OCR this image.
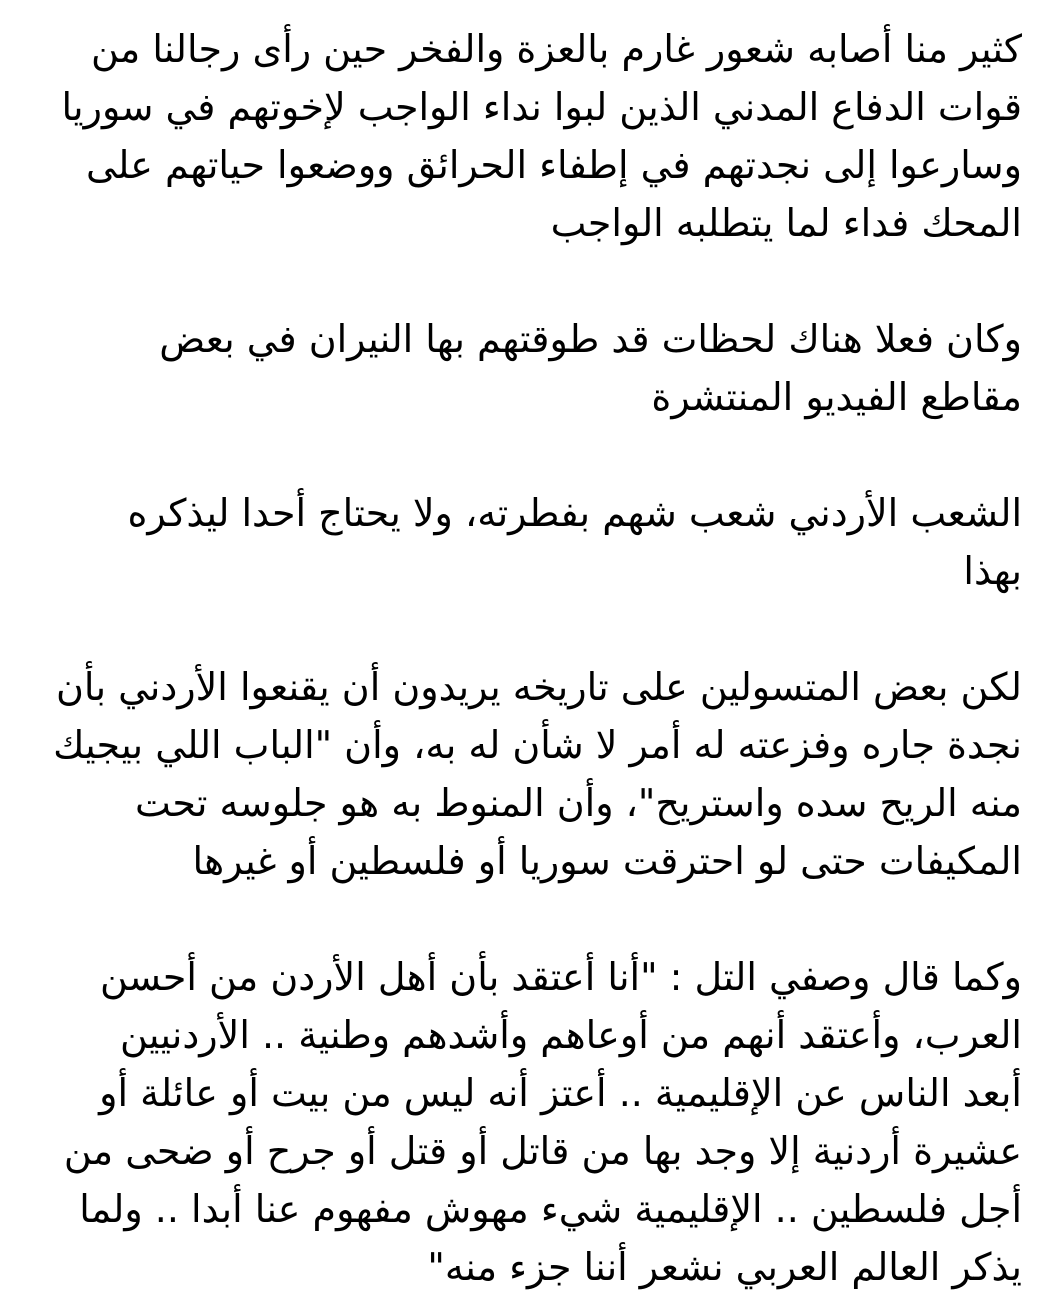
كثير منا أصابه شعور غارم بالعزة والفخر حين رأى رجالنا من
قوات الدفاع المدني الذين لبوا نداء الواجب لإخوتهم في سوريا
وسارعوا إلى نجدتهم في إطفاء الحرائق ووضعوا حياتهم على
المحك فداء لما يتطلبه الواجب
وكان فعلا هناك لحظات قد طوقتهم بها النيران في بعض
مقاطع الفيديو المنتشرة
الشعب الأردني شعب شهم بفطرته، ولا يحتاج أحدا ليذكره
بهذا
لكن بعض المتسولين على تاريخه يريدون أن يقنعوا الأردني بأن
نجدة جاره وفزعته له أمر لا شأن له به، وأن "الباب اللي بيجيك
منه الريح سده واستريح"، وأن المنوط به هو جلوسه تحت
المكيفات حتى لو احترقت سوريا أو فلسطين أو غيرها
وكما قال وصفي التل : "أنا أعتقد بأن أهل الأردن من أحسن
العرب، وأعتقد أنهم من أوعاهم وأشدهم وطنية .. الأردنيين
أبعد الناس عن الإقليمية .. أعتز أنه ليس من بيت أو عائلة أو
عشيرة أردنية إلا وجد بها من قاتل أو قتل أو جرح أو ضحى من
أجل فلسطين .. الإقليمية شيء مهوش مفهوم عنا أبدا .. ولما
يذكر العالم العربي نشعر أننا جزء منه"
